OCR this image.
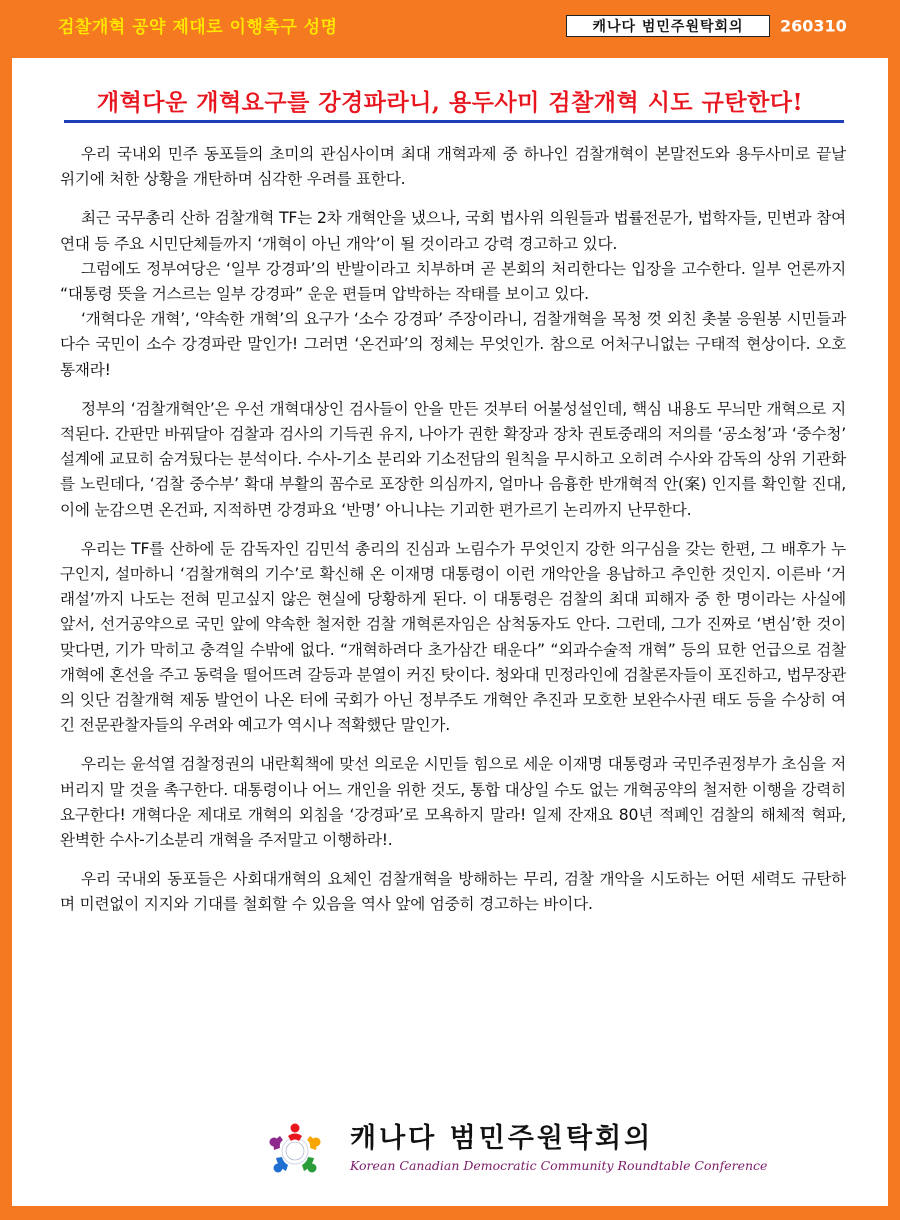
검찰개혁 공약 제대로 이행촉구 성명	캐나다 범민주원탁회의	260310
개혁다운 개혁요구를 강경파라니, 용두사미 검찰개혁 시도 규탄한다!

우리 국내외 민주 동포들의 초미의 관심사이며 최대 개혁과제 중 하나인 검찰개혁이 본말전도와 용두사미로 끝날 위기에 처한 상황을 개탄하며 심각한 우려를 표한다.

최근 국무총리 산하 검찰개혁 TF는 2차 개혁안을 냈으나, 국회 법사위 의원들과 법률전문가, 법학자들, 민변과 참여연대 등 주요 시민단체들까지 ‘개혁이 아닌 개악’이 될 것이라고 강력 경고하고 있다.

그럼에도 정부여당은 ‘일부 강경파’의 반발이라고 치부하며 곧 본회의 처리한다는 입장을 고수한다. 일부 언론까지 “대통령 뜻을 거스르는 일부 강경파” 운운 편들며 압박하는 작태를 보이고 있다.

‘개혁다운 개혁’, ‘약속한 개혁’의 요구가 ‘소수 강경파’ 주장이라니, 검찰개혁을 목청 껏 외친 촛불 응원봉 시민들과 다수 국민이 소수 강경파란 말인가! 그러면 ‘온건파’의 정체는 무엇인가. 참으로 어처구니없는 구태적 현상이다. 오호 통재라!

정부의 ‘검찰개혁안’은 우선 개혁대상인 검사들이 안을 만든 것부터 어불성설인데, 핵심 내용도 무늬만 개혁으로 지적된다. 간판만 바꿔달아 검찰과 검사의 기득권 유지, 나아가 권한 확장과 장차 권토중래의 저의를 ‘공소청’과 ‘중수청’ 설계에 교묘히 숨겨뒀다는 분석이다. 수사-기소 분리와 기소전담의 원칙을 무시하고 오히려 수사와 감독의 상위 기관화를 노린데다, ‘검찰 중수부’ 확대 부활의 꼼수로 포장한 의심까지, 얼마나 음흉한 반개혁적 안(案) 인지를 확인할 진대, 이에 눈감으면 온건파, 지적하면 강경파요 ‘반명’ 아니냐는 기괴한 편가르기 논리까지 난무한다.

우리는 TF를 산하에 둔 감독자인 김민석 총리의 진심과 노림수가 무엇인지 강한 의구심을 갖는 한편, 그 배후가 누구인지, 설마하니 ‘검찰개혁의 기수’로 확신해 온 이재명 대통령이 이런 개악안을 용납하고 추인한 것인지. 이른바 ‘거래설’까지 나도는 전혀 믿고싶지 않은 현실에 당황하게 된다. 이 대통령은 검찰의 최대 피해자 중 한 명이라는 사실에 앞서, 선거공약으로 국민 앞에 약속한 철저한 검찰 개혁론자임은 삼척동자도 안다. 그런데, 그가 진짜로 ‘변심’한 것이 맞다면, 기가 막히고 충격일 수밖에 없다. “개혁하려다 초가삼간 태운다” “외과수술적 개혁” 등의 묘한 언급으로 검찰개혁에 혼선을 주고 동력을 떨어뜨려 갈등과 분열이 커진 탓이다. 청와대 민정라인에 검찰론자들이 포진하고, 법무장관의 잇단 검찰개혁 제동 발언이 나온 터에 국회가 아닌 정부주도 개혁안 추진과 모호한 보완수사권 태도 등을 수상히 여긴 전문관찰자들의 우려와 예고가 역시나 적확했단 말인가.

우리는 윤석열 검찰정권의 내란획책에 맞선 의로운 시민들 힘으로 세운 이재명 대통령과 국민주권정부가 초심을 저버리지 말 것을 촉구한다. 대통령이나 어느 개인을 위한 것도, 통합 대상일 수도 없는 개혁공약의 철저한 이행을 강력히 요구한다! 개혁다운 제대로 개혁의 외침을 ‘강경파’로 모욕하지 말라! 일제 잔재요 80년 적폐인 검찰의 해체적 혁파, 완벽한 수사-기소분리 개혁을 주저말고 이행하라!.

우리 국내외 동포들은 사회대개혁의 요체인 검찰개혁을 방해하는 무리, 검찰 개악을 시도하는 어떤 세력도 규탄하며 미련없이 지지와 기대를 철회할 수 있음을 역사 앞에 엄중히 경고하는 바이다.

캐나다 범민주원탁회의
Korean Canadian Democratic Community Roundtable Conference
